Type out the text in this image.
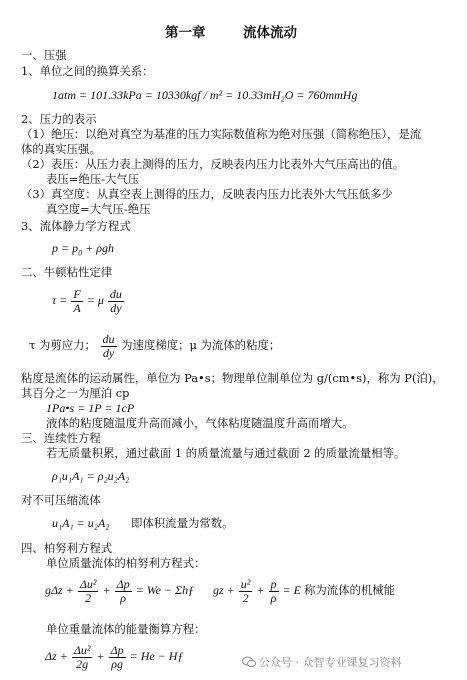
第一章	流体流动
一、压强
1、单位之间的换算关系：
1atm = 101.33kPa = 10330kgf / m² = 10.33mH₂O = 760mmHg
2、压力的表示
（1）绝压：以绝对真空为基准的压力实际数值称为绝对压强（简称绝压），是流
体的真实压强。
（2）表压：从压力表上测得的压力，反映表内压力比表外大气压高出的值。
表压=绝压-大气压
（3）真空度：从真空表上测得的压力，反映表内压力比表外大气压低多少
真空度=大气压-绝压
3、流体静力学方程式
$p = p_0 + \rho gh$
二、牛顿粘性定律
$\tau = \frac{F}{A} = \mu \frac{du}{dy}$
τ 为剪应力； $\frac{du}{dy}$ 为速度梯度；μ 为流体的粘度；
粘度是流体的运动属性，单位为 Pa•s；物理单位制单位为 g/(cm•s)，称为 P(泊)，
其百分之一为厘泊 cp
1Pa•s = 1P = 1cP
液体的粘度随温度升高而减小，气体粘度随温度升高而增大。
三、连续性方程
若无质量积累，通过截面 1 的质量流量与通过截面 2 的质量流量相等。
ρ₁u₁A₁ = ρ₂u₂A₂
对不可压缩流体
u₁A₁ = u₂A₂ 即体积流量为常数。
四、柏努利方程式
单位质量流体的柏努利方程式：
$g\Delta z + \frac{\text{Δu²}}{2} + \frac{\Delta p}{\rho} = We$ − Σhƒ gz + $\frac{\text{u²}}{2} + \frac{p}{\rho} = E$ 称为流体的机械能
单位重量流体的能量衡算方程：
$\Delta z + \frac{\text{Δu²}}{2g} + \frac{\Delta p}{\rho g} = He$ − Hƒ	公众号 · 众智专业课复习资料
